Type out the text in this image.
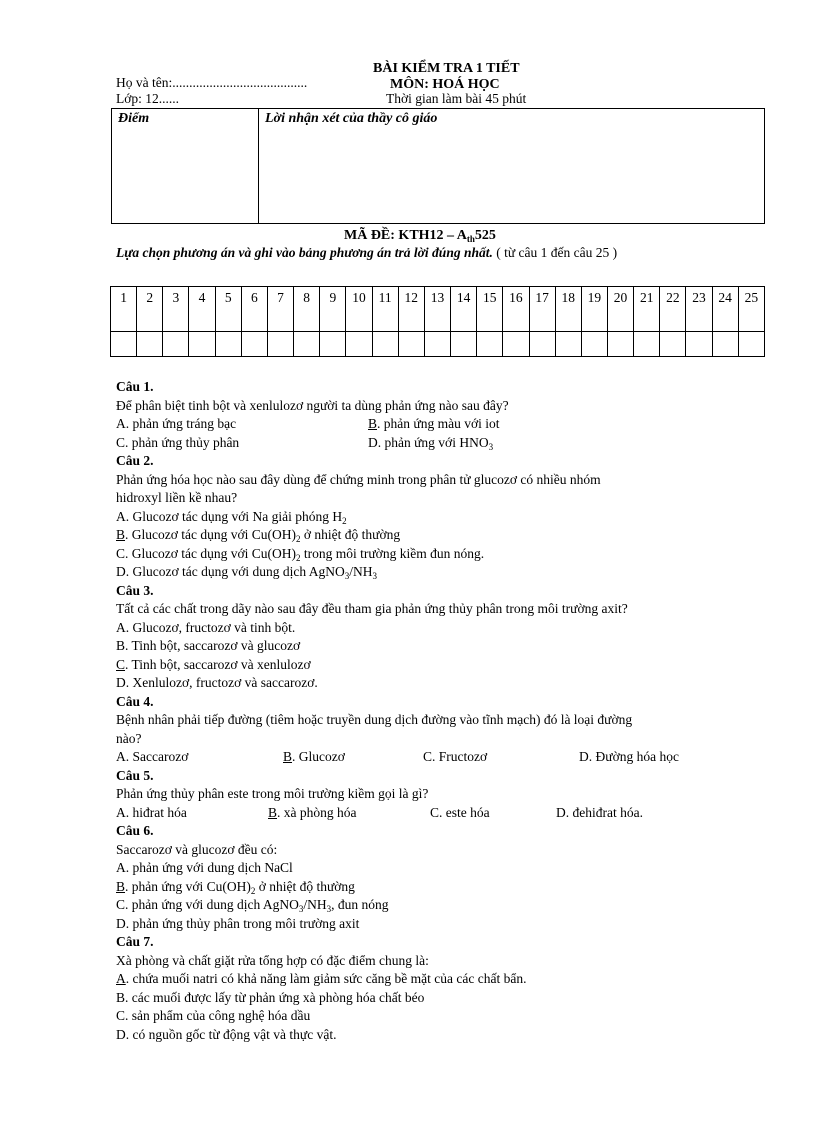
BÀI KIỂM TRA 1 TIẾT
Họ và tên:........................................	MÔN: HOÁ HỌC
Lớp: 12......	Thời gian làm bài 45 phút
Điểm	Lời nhận xét của thầy cô giáo
MÃ ĐỀ: $KTH12 - A_{th}525$
Lựa chọn phương án và ghi vào bảng phương án trả lời đúng nhất. ( từ câu 1 đến câu 25 )
1	2	3	4	5	6	7	8	9	10	11	12	13	14	15	16	17	18	19	20	21	22	23	24	25

Câu 1.
Để phân biệt tinh bột và xenlulozơ người ta dùng phản ứng nào sau đây?
A. phản ứng tráng bạc	B. phản ứng màu với iot
C. phản ứng thủy phân	D. phản ứng với $HNO_3$
Câu 2.
Phản ứng hóa học nào sau đây dùng để chứng minh trong phân tử glucozơ có nhiều nhóm
hidroxyl liền kề nhau?
A. Glucozơ tác dụng với Na giải phóng $H_2$
B. Glucozơ tác dụng với $Cu(OH)_2$ ở nhiệt độ thường
C. Glucozơ tác dụng với $Cu(OH)_2$ trong môi trường kiềm đun nóng.
D. Glucozơ tác dụng với dung dịch $AgNO_3/NH_3$
Câu 3.
Tất cả các chất trong dãy nào sau đây đều tham gia phản ứng thủy phân trong môi trường axit?
A. Glucozơ, fructozơ và tinh bột.
B. Tinh bột, saccarozơ và glucozơ
C. Tinh bột, saccarozơ và xenlulozơ
D. Xenlulozơ, fructozơ và saccarozơ.
Câu 4.
Bệnh nhân phải tiếp đường (tiêm hoặc truyền dung dịch đường vào tĩnh mạch) đó là loại đường
nào?
A. Saccarozơ	B. Glucozơ	C. Fructozơ	D. Đường hóa học
Câu 5.
Phản ứng thủy phân este trong môi trường kiềm gọi là gì?
A. hiđrat hóa	B. xà phòng hóa	C. este hóa	D. đehiđrat hóa.
Câu 6.
Saccarozơ và glucozơ đều có:
A. phản ứng với dung dịch NaCl
B. phản ứng với $Cu(OH)_2$ ở nhiệt độ thường
C. phản ứng với dung dịch $AgNO_3/NH_3$, đun nóng
D. phản ứng thủy phân trong môi trường axit
Câu 7.
Xà phòng và chất giặt rửa tổng hợp có đặc điểm chung là:
A. chứa muối natri có khả năng làm giảm sức căng bề mặt của các chất bẩn.
B. các muối được lấy từ phản ứng xà phòng hóa chất béo
C. sản phẩm của công nghệ hóa dầu
D. có nguồn gốc từ động vật và thực vật.
